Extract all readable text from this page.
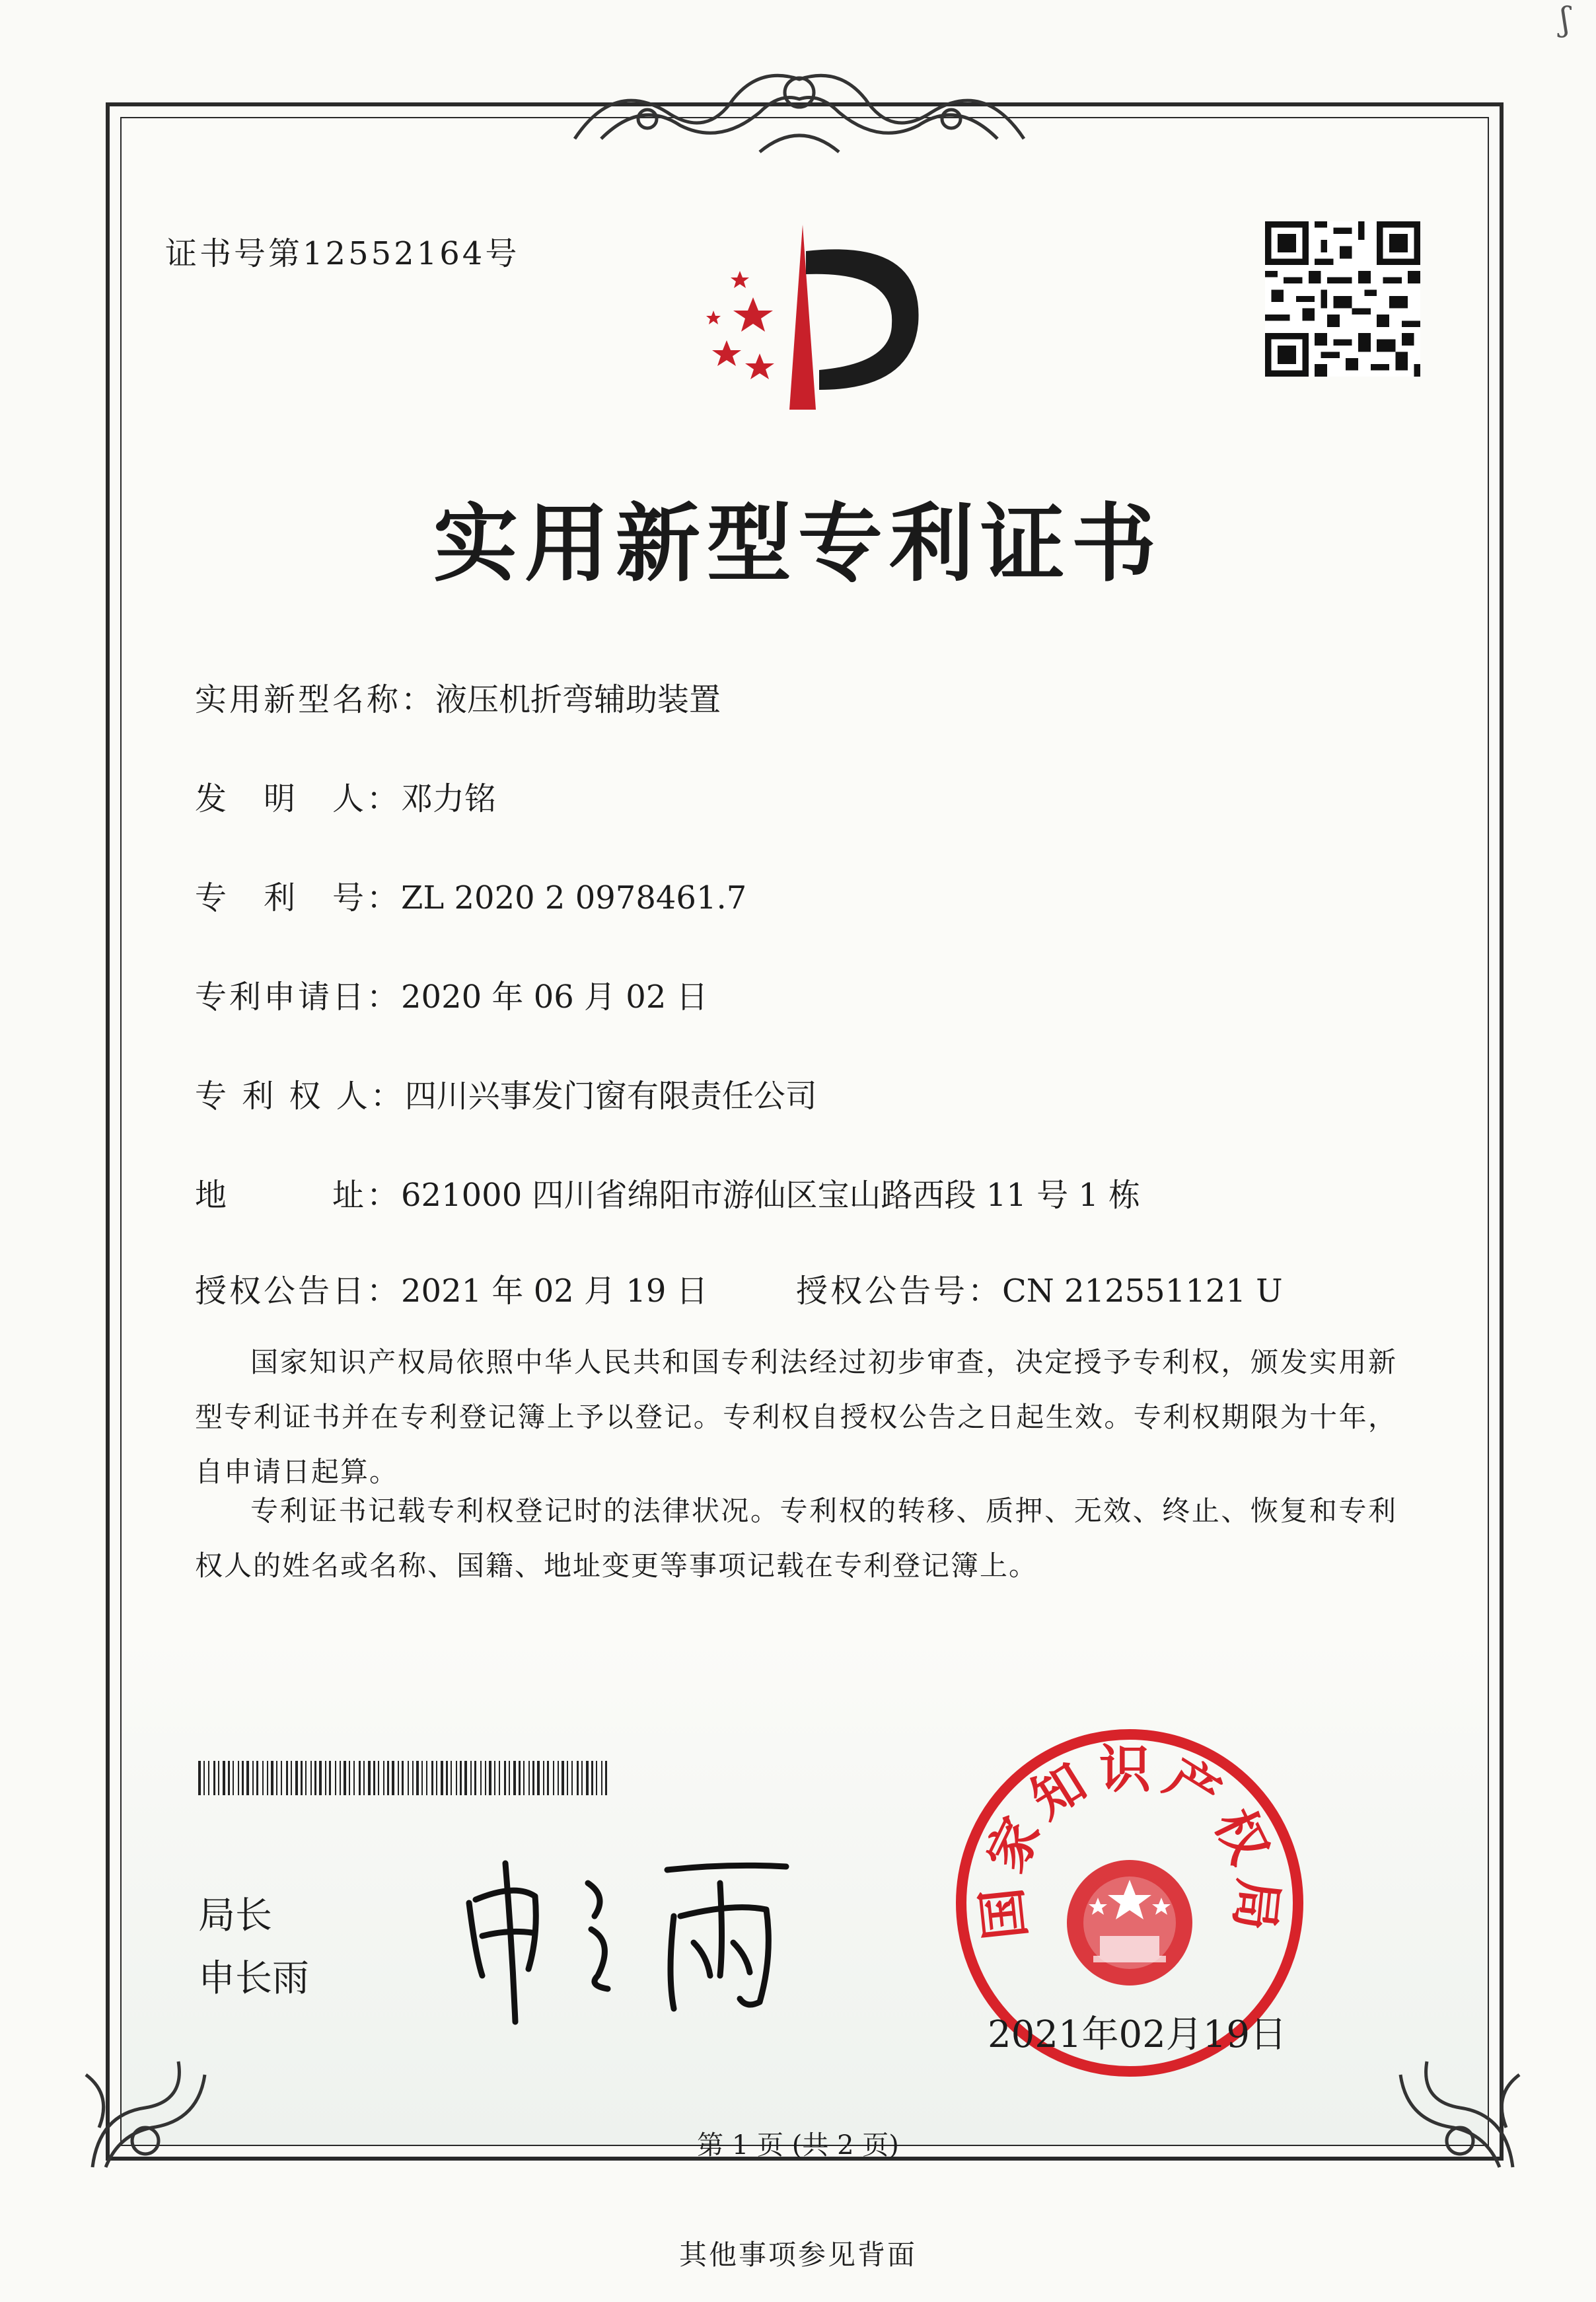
ʃ
证书号第12552164号
实用新型专利证书
实用新型名称：液压机折弯辅助装置
发　明　人：邓力铭
专　利　号：ZL 2020 2 0978461.7
专利申请日：2020 年 06 月 02 日
专 利 权 人：四川兴事发门窗有限责任公司
地　　　址：621000 四川省绵阳市游仙区宝山路西段 11 号 1 栋
授权公告日：2021 年 02 月 19 日	授权公告号：CN 212551121 U
国家知识产权局依照中华人民共和国专利法经过初步审查，决定授予专利权，颁发实用新型专利证书并在专利登记簿上予以登记。专利权自授权公告之日起生效。专利权期限为十年，自申请日起算。
专利证书记载专利权登记时的法律状况。专利权的转移、质押、无效、终止、恢复和专利权人的姓名或名称、国籍、地址变更等事项记载在专利登记簿上。
局长
申长雨
国家知识产权局
2021年02月19日
第 1 页 (共 2 页)
其他事项参见背面
